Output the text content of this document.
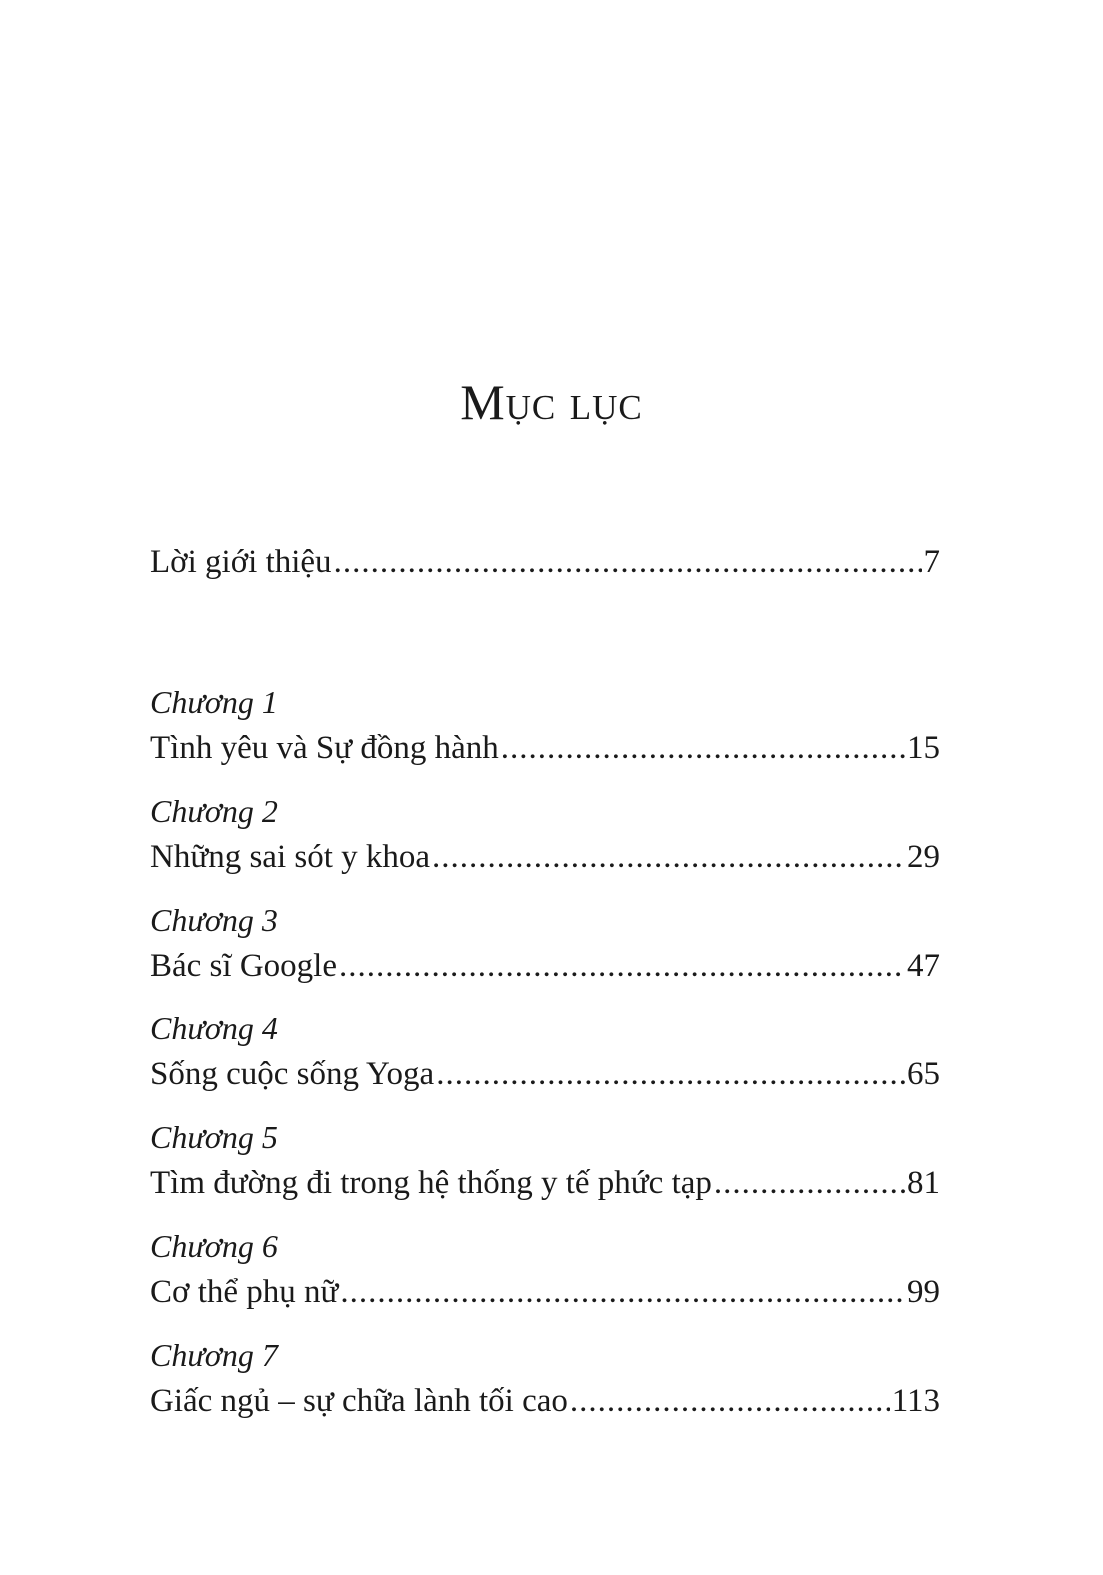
Mục lục
Lời giới thiệu .....	7
Chương 1
Tình yêu và Sự đồng hành .....	15
Chương 2
Những sai sót y khoa .....	29
Chương 3
Bác sĩ Google .....	47
Chương 4
Sống cuộc sống Yoga .....	65
Chương 5
Tìm đường đi trong hệ thống y tế phức tạp .....	81
Chương 6
Cơ thể phụ nữ .....	99
Chương 7
Giấc ngủ – sự chữa lành tối cao .....	113
